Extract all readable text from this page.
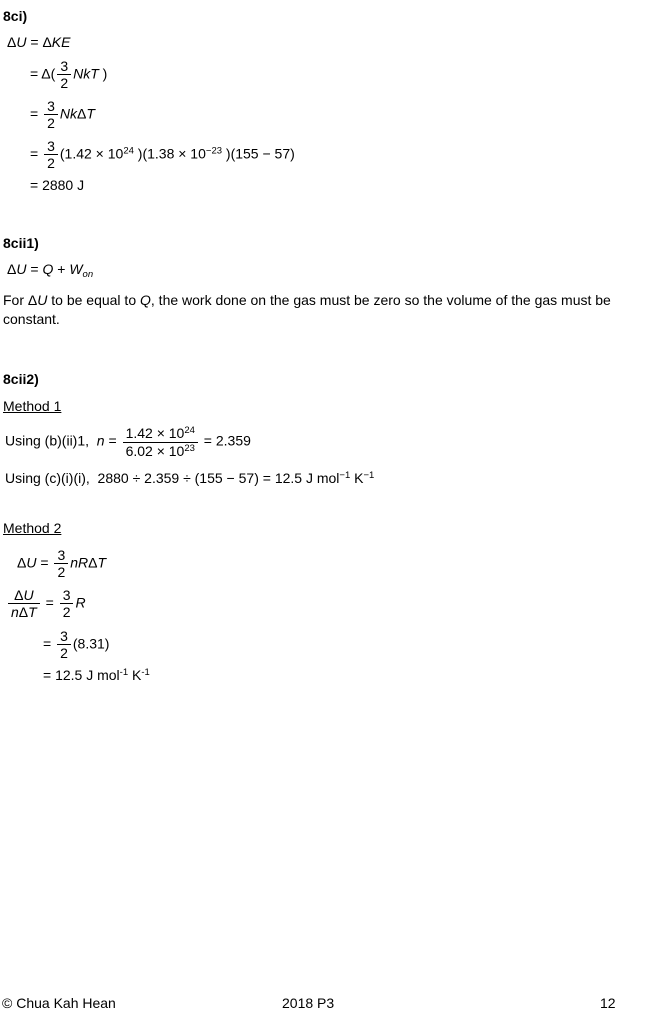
8ci)
ΔU = ΔKE
= $\Delta( \frac{3}{2}$ NkT )
= $\frac{3}{2}$ NkΔT
= $\frac{3}{2} (1.42 \times 10^{24}$ )($1.38 \times 10^{-23}$ )(155 − 57)
= 2880 J
8cii1)
$\Delta U = Q + W_{on}$
For ΔU to be equal to Q, the work done on the gas must be zero so the volume of the gas must be constant.
8cii2)
Method 1
Using (b)(ii)1,  $n = \frac{1.42 \times 10^{24}}{6.02 \times 10^{23}} = 2.359$
Using (c)(i)(i),  2880 ÷ 2.359 ÷ (155 − 57) = 12.5 J mol$^{-1}$ $K^{-1}$
Method 2
$\Delta U = \frac{3}{2}$ nRΔT
$\frac{\Delta U}{\text{nΔT}} = \frac{3}{2}$ R
= $\frac{3}{2} (8.31)$
= 12.5 J mol$^{-1}$ $K^{-1}$
© Chua Kah Hean	2018 P3	12
